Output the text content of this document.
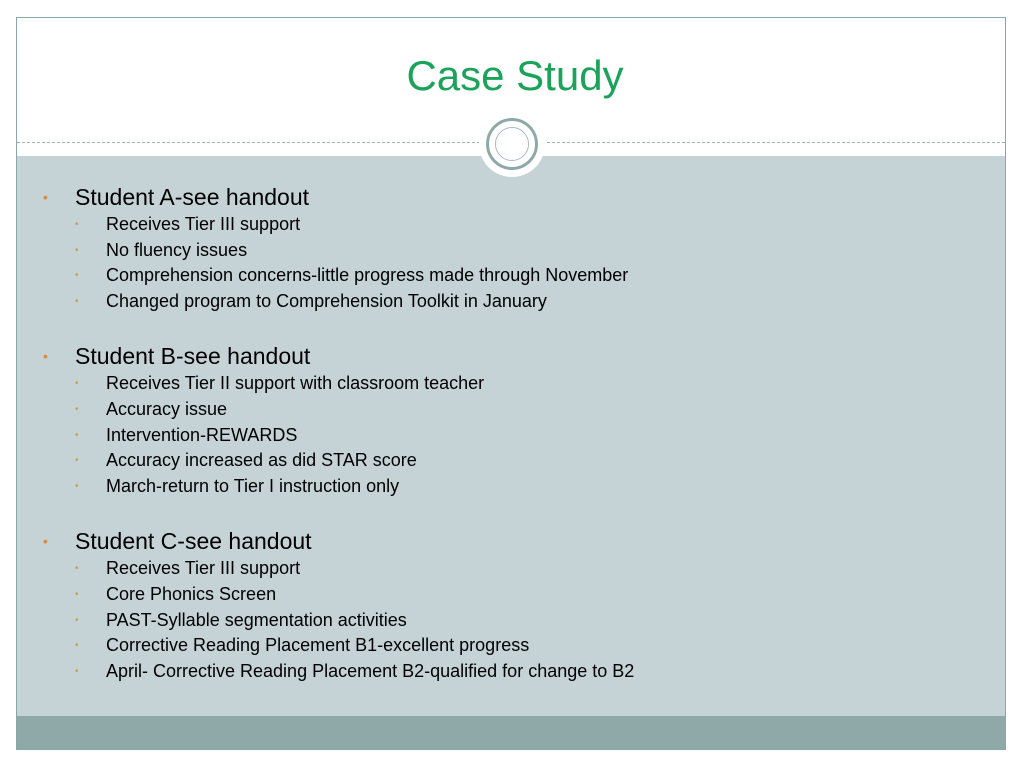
Case Study
• Student A-see handout
• Receives Tier III support
• No fluency issues
• Comprehension concerns-little progress made through November
• Changed program to Comprehension Toolkit in January
• Student B-see handout
• Receives Tier II support with classroom teacher
• Accuracy issue
• Intervention-REWARDS
• Accuracy increased as did STAR score
• March-return to Tier I instruction only
• Student C-see handout
• Receives Tier III support
• Core Phonics Screen
• PAST-Syllable segmentation activities
• Corrective Reading Placement B1-excellent progress
• April- Corrective Reading Placement B2-qualified for change to B2
